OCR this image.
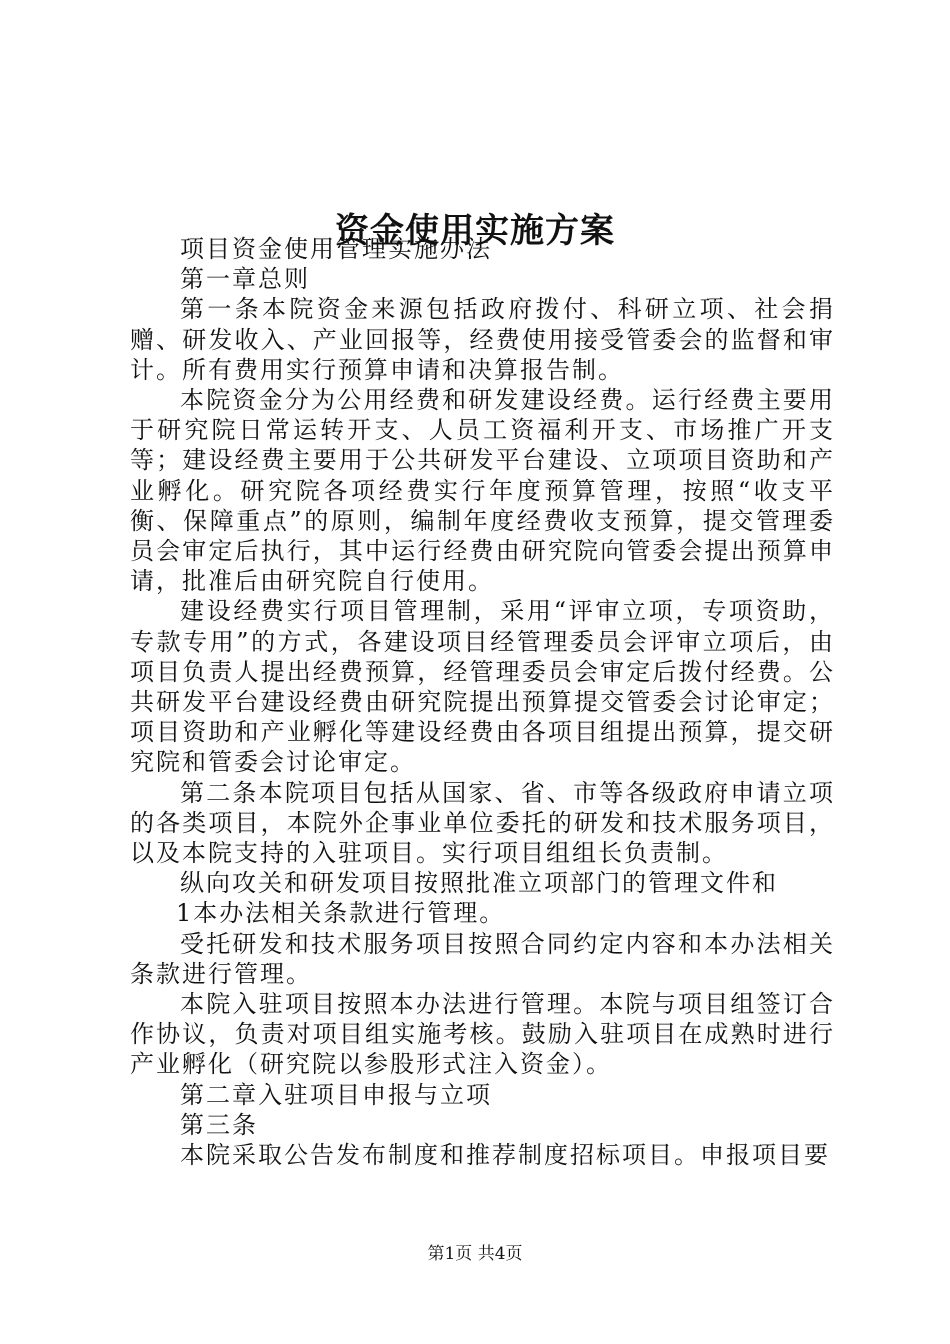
资金使用实施方案

项目资金使用管理实施办法

第一章总则

第一条本院资金来源包括政府拨付、科研立项、社会捐赠、研发收入、产业回报等，经费使用接受管委会的监督和审计。所有费用实行预算申请和决算报告制。

本院资金分为公用经费和研发建设经费。运行经费主要用于研究院日常运转开支、人员工资福利开支、市场推广开支等；建设经费主要用于公共研发平台建设、立项项目资助和产业孵化。研究院各项经费实行年度预算管理，按照“收支平衡、保障重点”的原则，编制年度经费收支预算，提交管理委员会审定后执行，其中运行经费由研究院向管委会提出预算申请，批准后由研究院自行使用。

建设经费实行项目管理制，采用“评审立项，专项资助，专款专用”的方式，各建设项目经管理委员会评审立项后，由项目负责人提出经费预算，经管理委员会审定后拨付经费。公共研发平台建设经费由研究院提出预算提交管委会讨论审定；项目资助和产业孵化等建设经费由各项目组提出预算，提交研究院和管委会讨论审定。

第二条本院项目包括从国家、省、市等各级政府申请立项的各类项目，本院外企事业单位委托的研发和技术服务项目，以及本院支持的入驻项目。实行项目组组长负责制。

纵向攻关和研发项目按照批准立项部门的管理文件和

1本办法相关条款进行管理。

受托研发和技术服务项目按照合同约定内容和本办法相关条款进行管理。

本院入驻项目按照本办法进行管理。本院与项目组签订合作协议，负责对项目组实施考核。鼓励入驻项目在成熟时进行产业孵化（研究院以参股形式注入资金）。

第二章入驻项目申报与立项

第三条

本院采取公告发布制度和推荐制度招标项目。申报项目要

第1页 共4页
